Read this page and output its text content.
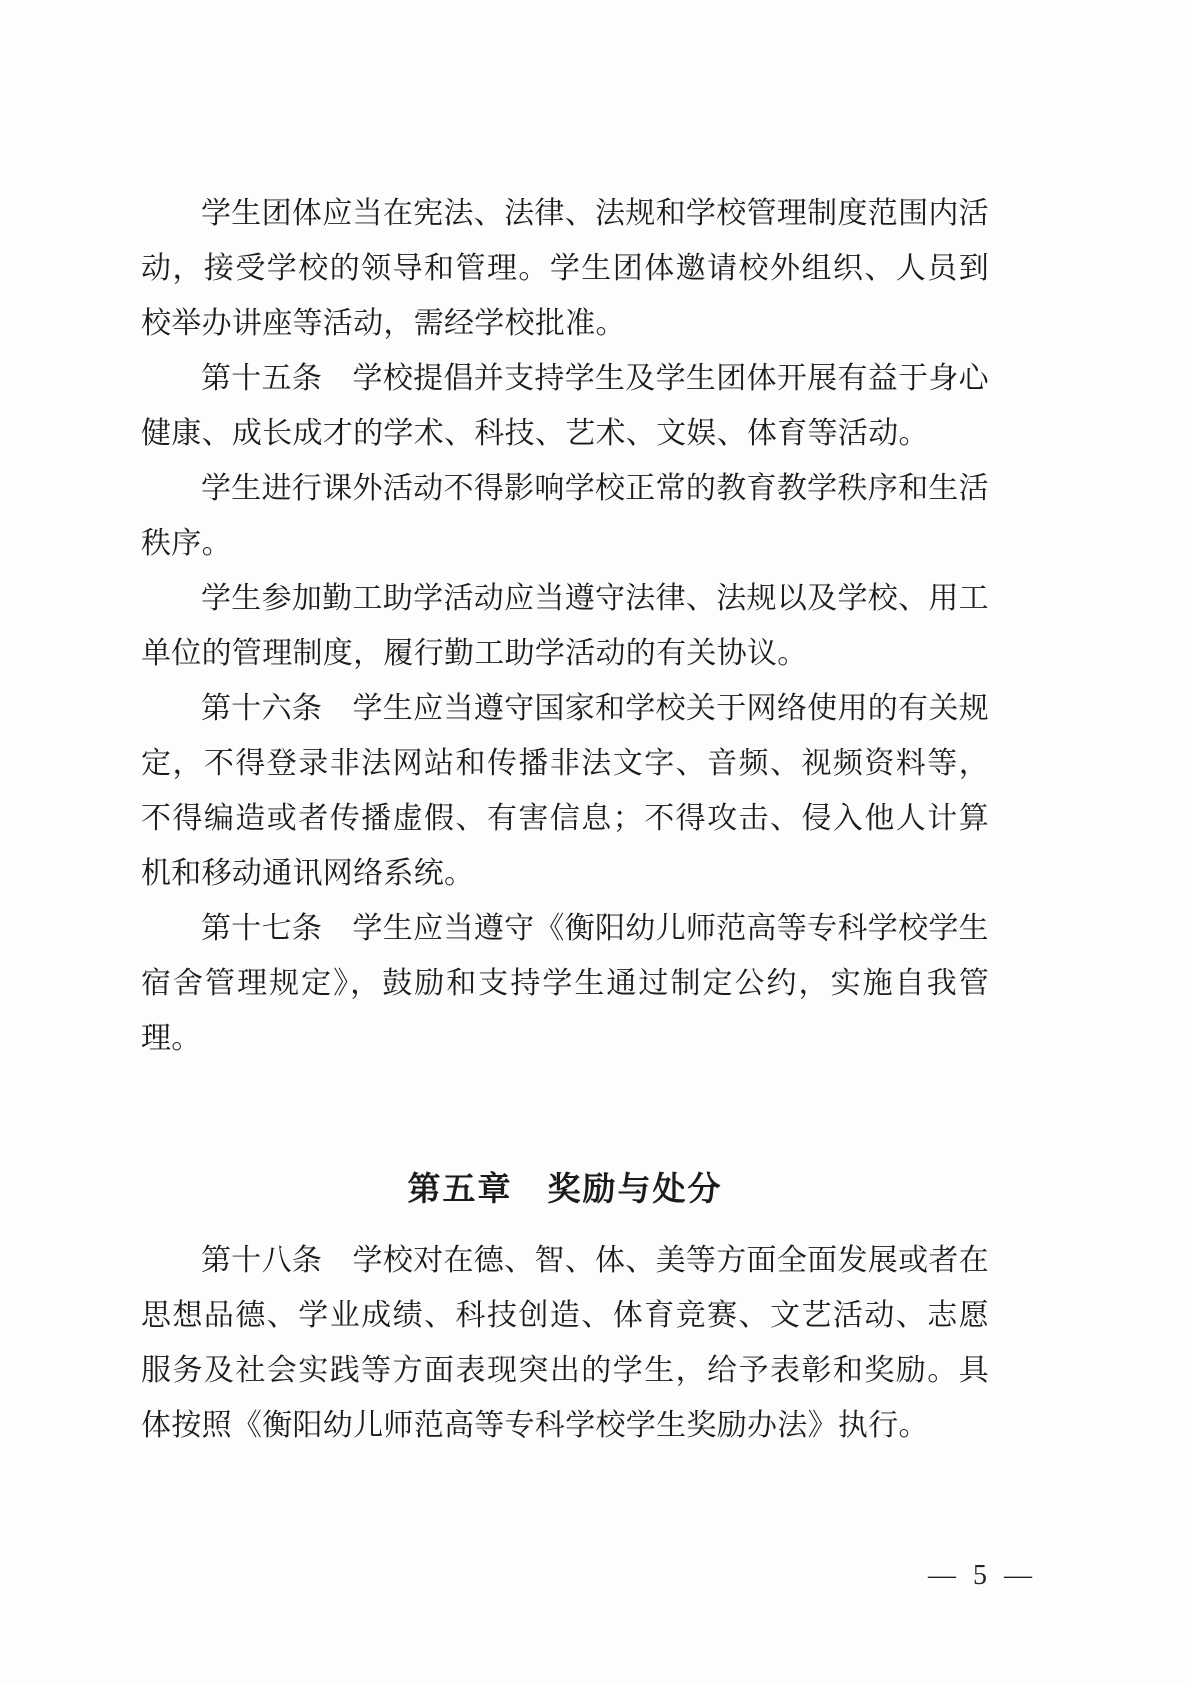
学生团体应当在宪法、法律、法规和学校管理制度范围内活动，接受学校的领导和管理。学生团体邀请校外组织、人员到校举办讲座等活动，需经学校批准。

第十五条　学校提倡并支持学生及学生团体开展有益于身心健康、成长成才的学术、科技、艺术、文娱、体育等活动。

学生进行课外活动不得影响学校正常的教育教学秩序和生活秩序。

学生参加勤工助学活动应当遵守法律、法规以及学校、用工单位的管理制度，履行勤工助学活动的有关协议。

第十六条　学生应当遵守国家和学校关于网络使用的有关规定，不得登录非法网站和传播非法文字、音频、视频资料等，不得编造或者传播虚假、有害信息；不得攻击、侵入他人计算机和移动通讯网络系统。

第十七条　学生应当遵守《衡阳幼儿师范高等专科学校学生宿舍管理规定》，鼓励和支持学生通过制定公约，实施自我管理。

第五章　奖励与处分

第十八条　学校对在德、智、体、美等方面全面发展或者在思想品德、学业成绩、科技创造、体育竞赛、文艺活动、志愿服务及社会实践等方面表现突出的学生，给予表彰和奖励。具体按照《衡阳幼儿师范高等专科学校学生奖励办法》执行。

— 5 —
